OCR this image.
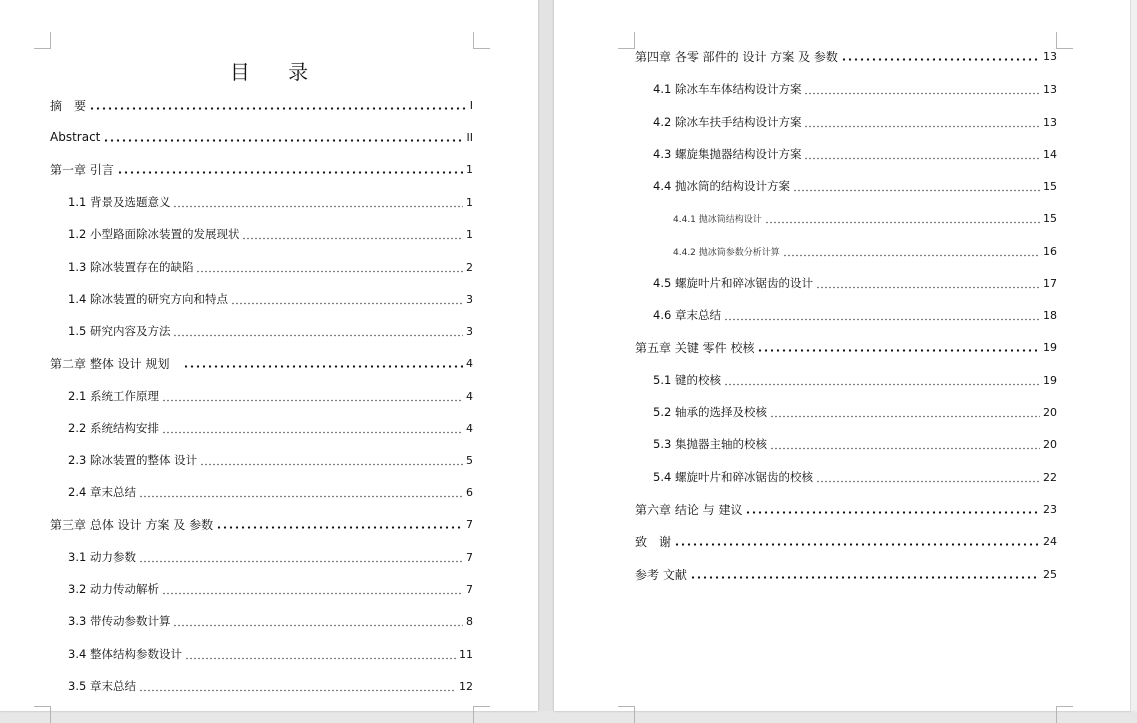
目 录
摘　要	I
Abstract	II
第一章 引言	1
1.1 背景及选题意义	1
1.2 小型路面除冰装置的发展现状	1
1.3 除冰装置存在的缺陷	2
1.4 除冰装置的研究方向和特点	3
1.5 研究内容及方法	3
第二章 整体 设计 规划	4
2.1 系统工作原理	4
2.2 系统结构安排	4
2.3 除冰装置的整体 设计	5
2.4 章末总结	6
第三章 总体 设计 方案 及 参数	7
3.1 动力参数	7
3.2 动力传动解析	7
3.3 带传动参数计算	8
3.4 整体结构参数设计	11
3.5 章末总结	12
第四章 各零 部件的 设计 方案 及 参数	13
4.1 除冰车车体结构设计方案	13
4.2 除冰车扶手结构设计方案	13
4.3 螺旋集抛器结构设计方案	14
4.4 抛冰筒的结构设计方案	15
4.4.1 抛冰筒结构设计	15
4.4.2 抛冰筒参数分析计算	16
4.5 螺旋叶片和碎冰锯齿的设计	17
4.6 章末总结	18
第五章 关键 零件 校核	19
5.1 键的校核	19
5.2 轴承的选择及校核	20
5.3 集抛器主轴的校核	20
5.4 螺旋叶片和碎冰锯齿的校核	22
第六章 结论 与 建议	23
致　谢	24
参考 文献	25
